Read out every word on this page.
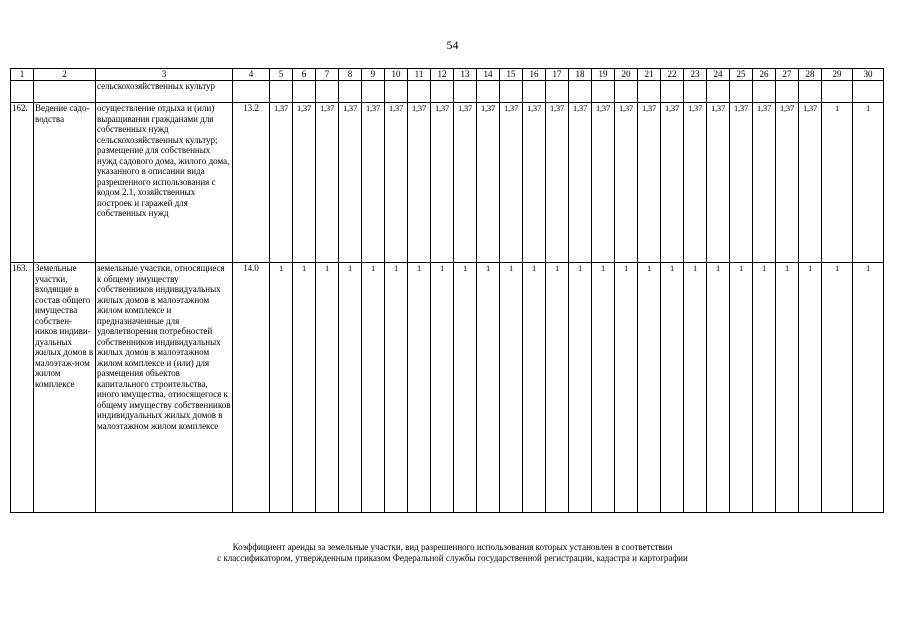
54
1	2	3	4	5	6	7	8	9	10	11	12	13	14	15	16	17	18	19	20	21	22	23	24	25	26	27	28	29	30
		сельскохозяйственных культур																											
162.	Ведение садо-водства	осуществление отдыха и (или) выращивания гражданами для собственных нужд сельскохозяйственных культур; размещение для собственных нужд садового дома, жилого дома, указанного в описании вида разрешенного использования с кодом 2.1, хозяйственных построек и гаражей для собственных нужд	13.2	1,37	1,37	1,37	1,37	1,37	1,37	1,37	1,37	1,37	1,37	1,37	1,37	1,37	1,37	1,37	1,37	1,37	1,37	1,37	1,37	1,37	1,37	1,37	1,37	1	1
163.	Земельные участки, входящие в состав общего имущества собствен-ников индиви-дуальных жилых домов в малоэтаж-ном жилом комплексе	земельные участки, относящиеся к общему имуществу собственников индивидуальных жилых домов в малоэтажном жилом комплексе и предназначенные для удовлетворения потребностей собственников индивидуальных жилых домов в малоэтажном жилом комплексе и (или) для размещения объектов капитального строительства, иного имущества, относящегося к общему имуществу собственников индивидуальных жилых домов в малоэтажном жилом комплексе	14.0	1	1	1	1	1	1	1	1	1	1	1	1	1	1	1	1	1	1	1	1	1	1	1	1	1	1
Коэффициент аренды за земельные участки, вид разрешенного использования которых установлен в соответствии
с классификатором, утвержденным приказом Федеральной службы государственной регистрации, кадастра и картографии
